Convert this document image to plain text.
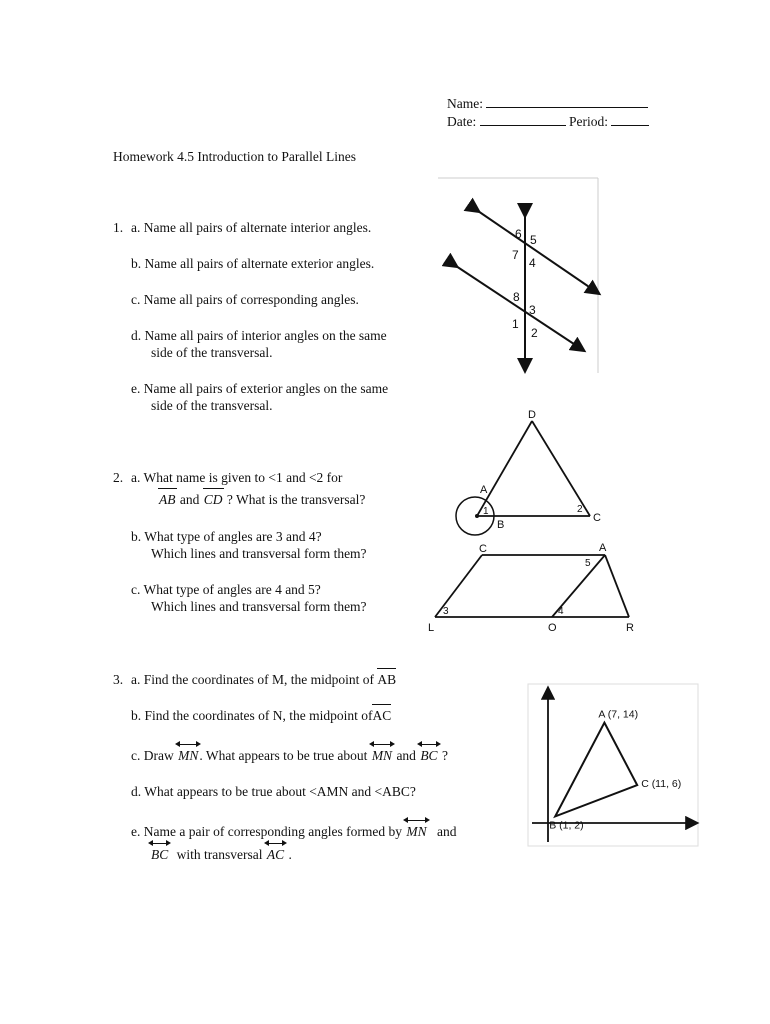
Name:
Date:	Period:
Homework 4.5 Introduction to Parallel Lines
1. a. Name all pairs of alternate interior angles.
b. Name all pairs of alternate exterior angles.
c. Name all pairs of corresponding angles.
d. Name all pairs of interior angles on the same
side of the transversal.
e. Name all pairs of exterior angles on the same
side of the transversal.
6 5
7
4
8
3
1
2
2. a. What name is given to <1 and <2 for
AB and CD ? What is the transversal?
b. What type of angles are 3 and 4?
Which lines and transversal form them?
c. What type of angles are 4 and 5?
Which lines and transversal form them?
D
A
B
C
1	2
C	A
L	O	R
3	4
5
3. a. Find the coordinates of M, the midpoint of AB
b. Find the coordinates of N, the midpoint ofAC
c. Draw MN. What appears to be true about MN and BC ?
d. What appears to be true about <AMN and <ABC?
e. Name a pair of corresponding angles formed by MN and
BC with transversal AC .
A (7, 14)
C (11, 6)
B (1, 2)
